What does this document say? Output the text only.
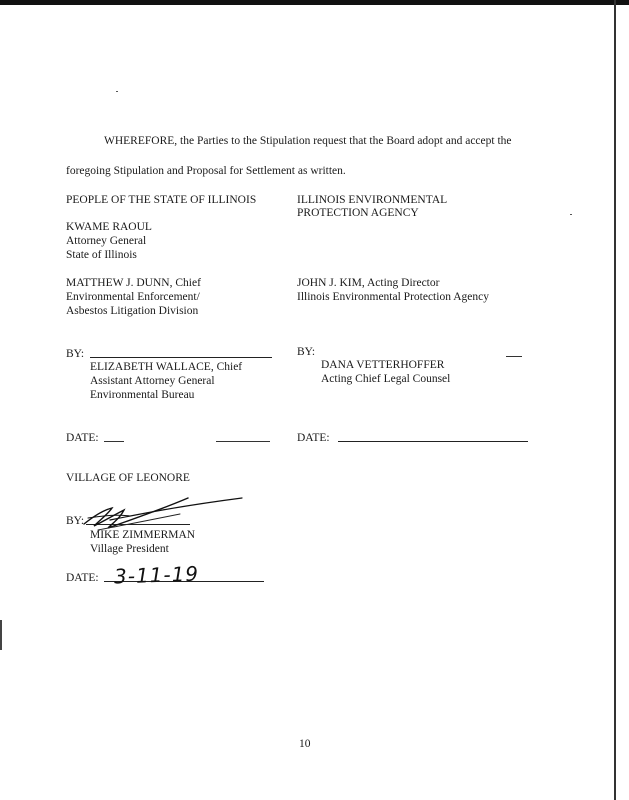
WHEREFORE, the Parties to the Stipulation request that the Board adopt and accept the
foregoing Stipulation and Proposal for Settlement as written.
PEOPLE OF THE STATE OF ILLINOIS
KWAME RAOUL
Attorney General
State of Illinois
MATTHEW J. DUNN, Chief
Environmental Enforcement/
Asbestos Litigation Division
BY:
ELIZABETH WALLACE, Chief
Assistant Attorney General
Environmental Bureau
DATE:
ILLINOIS ENVIRONMENTAL
PROTECTION AGENCY
JOHN J. KIM, Acting Director
Illinois Environmental Protection Agency
BY:
DANA VETTERHOFFER
Acting Chief Legal Counsel
DATE:
VILLAGE OF LEONORE
BY:
MIKE ZIMMERMAN
Village President
DATE: 3-11-19
10
